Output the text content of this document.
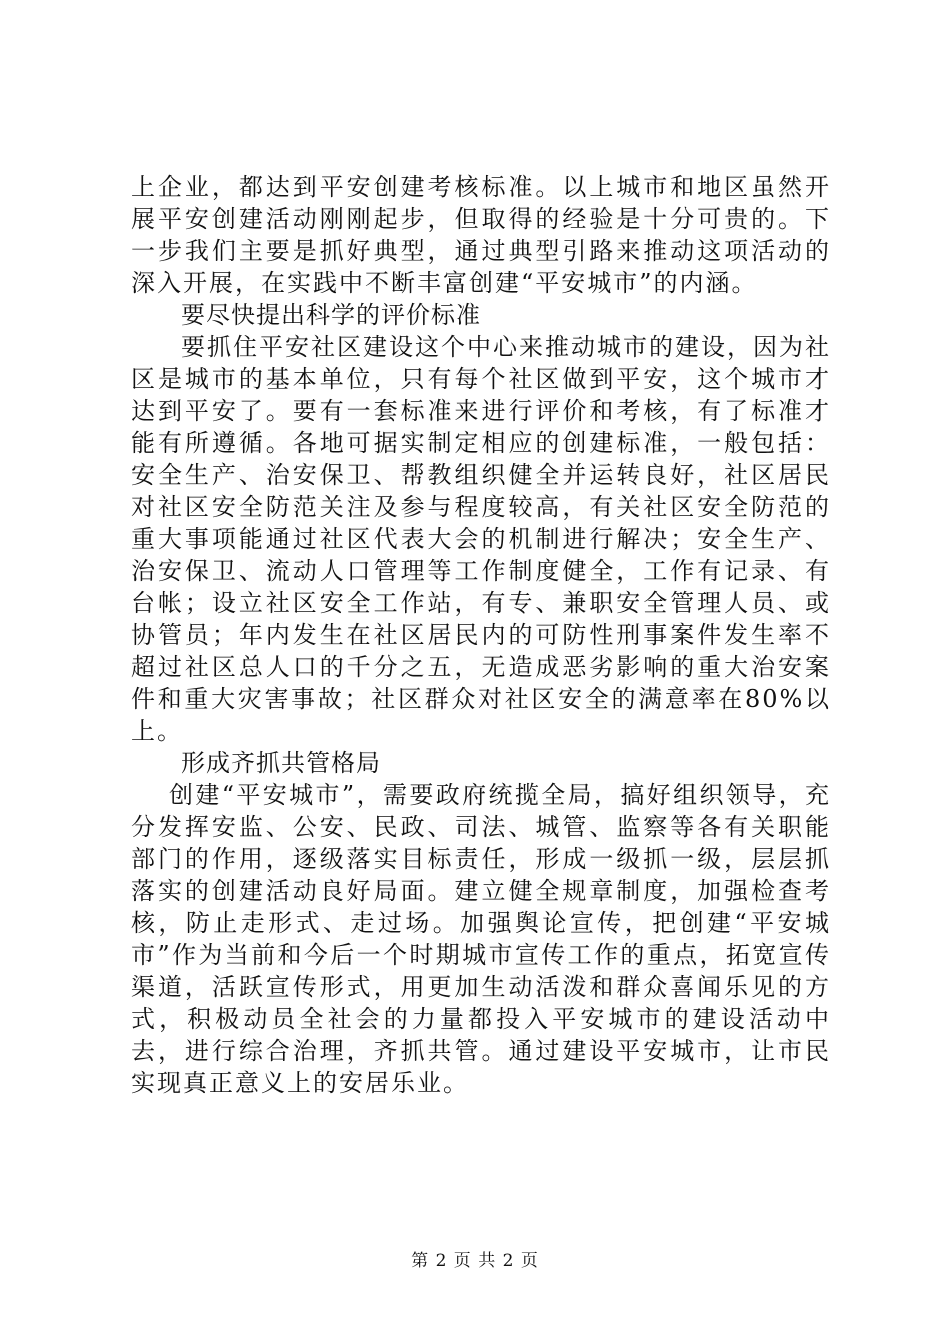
上企业，都达到平安创建考核标准。以上城市和地区虽然开展平安创建活动刚刚起步，但取得的经验是十分可贵的。下一步我们主要是抓好典型，通过典型引路来推动这项活动的深入开展，在实践中不断丰富创建“平安城市”的内涵。

要尽快提出科学的评价标准

要抓住平安社区建设这个中心来推动城市的建设，因为社区是城市的基本单位，只有每个社区做到平安，这个城市才达到平安了。要有一套标准来进行评价和考核，有了标准才能有所遵循。各地可据实制定相应的创建标准，一般包括：安全生产、治安保卫、帮教组织健全并运转良好，社区居民对社区安全防范关注及参与程度较高，有关社区安全防范的重大事项能通过社区代表大会的机制进行解决；安全生产、治安保卫、流动人口管理等工作制度健全，工作有记录、有台帐；设立社区安全工作站，有专、兼职安全管理人员、或协管员；年内发生在社区居民内的可防性刑事案件发生率不超过社区总人口的千分之五，无造成恶劣影响的重大治安案件和重大灾害事故；社区群众对社区安全的满意率在80%以上。

形成齐抓共管格局

创建“平安城市”，需要政府统揽全局，搞好组织领导，充分发挥安监、公安、民政、司法、城管、监察等各有关职能部门的作用，逐级落实目标责任，形成一级抓一级，层层抓落实的创建活动良好局面。建立健全规章制度，加强检查考核，防止走形式、走过场。加强舆论宣传，把创建“平安城市”作为当前和今后一个时期城市宣传工作的重点，拓宽宣传渠道，活跃宣传形式，用更加生动活泼和群众喜闻乐见的方式，积极动员全社会的力量都投入平安城市的建设活动中去，进行综合治理，齐抓共管。通过建设平安城市，让市民实现真正意义上的安居乐业。

第 2 页 共 2 页
